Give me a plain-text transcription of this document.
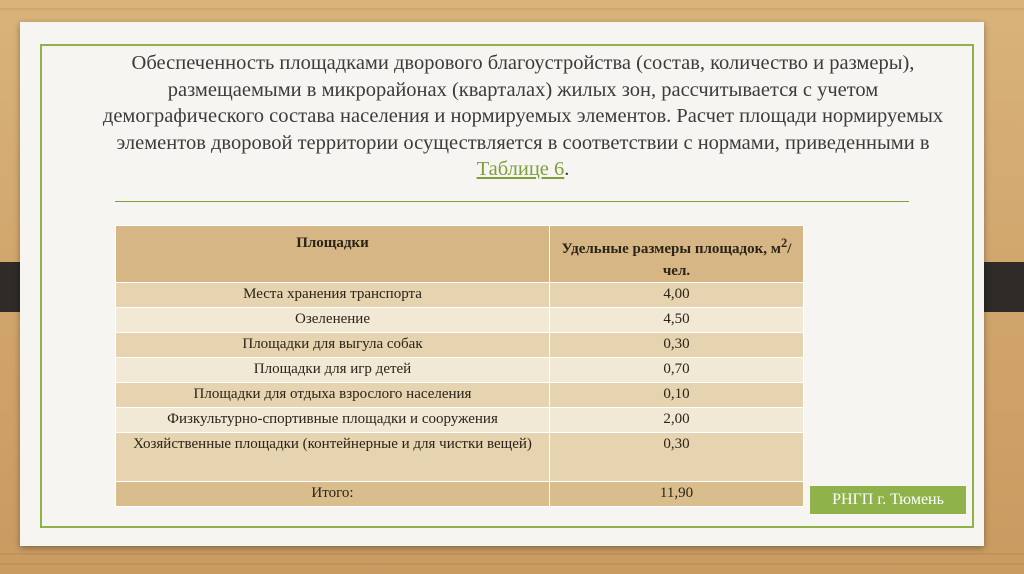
Обеспеченность площадками дворового благоустройства (состав, количество и размеры), размещаемыми в микрорайонах (кварталах) жилых зон, рассчитывается с учетом демографического состава населения и нормируемых элементов. Расчет площади нормируемых элементов дворовой территории осуществляется в соответствии с нормами, приведенными в Таблице 6.
Площадки	Удельные размеры площадок, $м^2$/чел.
Места хранения транспорта	4,00
Озеленение	4,50
Площадки для выгула собак	0,30
Площадки для игр детей	0,70
Площадки для отдыха взрослого населения	0,10
Физкультурно-спортивные площадки и сооружения	2,00
Хозяйственные площадки (контейнерные и для чистки вещей)	0,30
Итого:	11,90	РНГП г. Тюмень
